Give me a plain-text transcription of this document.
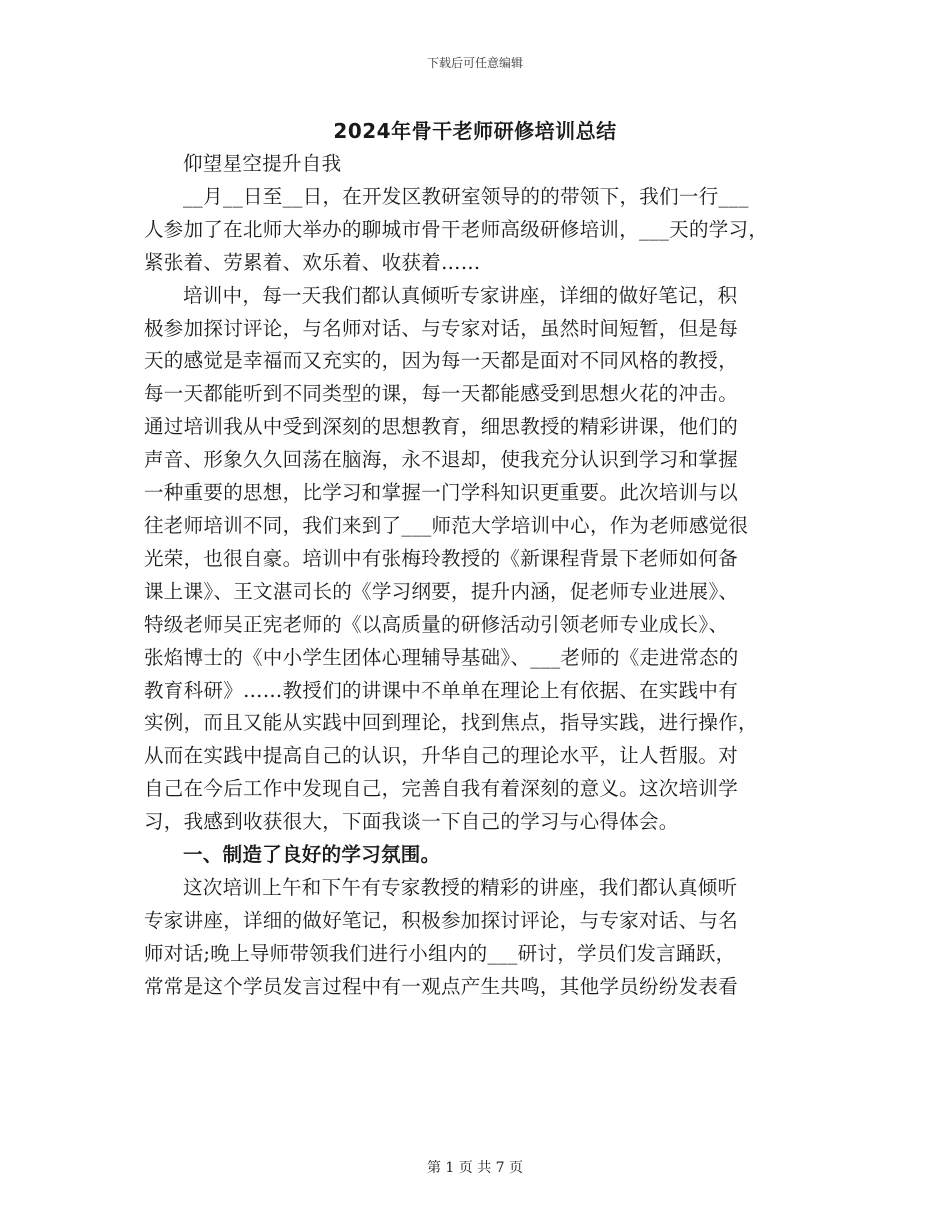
下载后可任意编辑
2024年骨干老师研修培训总结

仰望星空提升自我

__月__日至__日，在开发区教研室领导的的带领下，我们一行___
人参加了在北师大举办的聊城市骨干老师高级研修培训，___天的学习，
紧张着、劳累着、欢乐着、收获着……
培训中，每一天我们都认真倾听专家讲座，详细的做好笔记，积
极参加探讨评论，与名师对话、与专家对话，虽然时间短暂，但是每
天的感觉是幸福而又充实的，因为每一天都是面对不同风格的教授，
每一天都能听到不同类型的课，每一天都能感受到思想火花的冲击。
通过培训我从中受到深刻的思想教育，细思教授的精彩讲课，他们的
声音、形象久久回荡在脑海，永不退却，使我充分认识到学习和掌握
一种重要的思想，比学习和掌握一门学科知识更重要。此次培训与以
往老师培训不同，我们来到了___师范大学培训中心，作为老师感觉很
光荣，也很自豪。培训中有张梅玲教授的《新课程背景下老师如何备
课上课》、王文湛司长的《学习纲要，提升内涵，促老师专业进展》、
特级老师吴正宪老师的《以高质量的研修活动引领老师专业成长》、
张焰博士的《中小学生团体心理辅导基础》、___老师的《走进常态的
教育科研》……教授们的讲课中不单单在理论上有依据、在实践中有
实例，而且又能从实践中回到理论，找到焦点，指导实践，进行操作，
从而在实践中提高自己的认识，升华自己的理论水平，让人哲服。对
自己在今后工作中发现自己，完善自我有着深刻的意义。这次培训学
习，我感到收获很大，下面我谈一下自己的学习与心得体会。

一、制造了良好的学习氛围。

这次培训上午和下午有专家教授的精彩的讲座，我们都认真倾听
专家讲座，详细的做好笔记，积极参加探讨评论，与专家对话、与名
师对话;晚上导师带领我们进行小组内的___研讨，学员们发言踊跃，
常常是这个学员发言过程中有一观点产生共鸣，其他学员纷纷发表看
第 1 页 共 7 页
